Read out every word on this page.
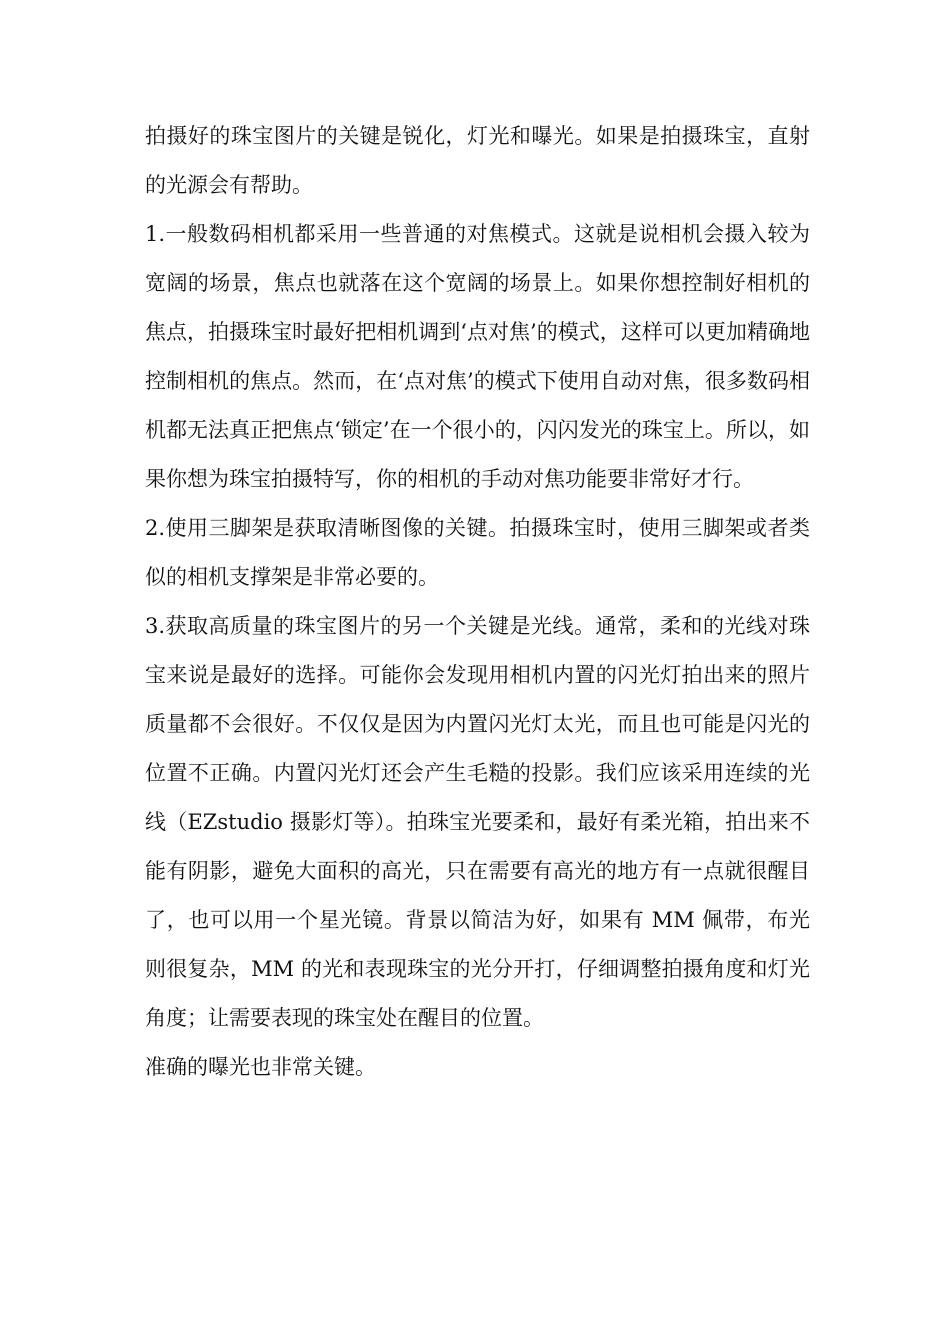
拍摄好的珠宝图片的关键是锐化，灯光和曝光。如果是拍摄珠宝，直射的光源会有帮助。

1.一般数码相机都采用一些普通的对焦模式。这就是说相机会摄入较为宽阔的场景，焦点也就落在这个宽阔的场景上。如果你想控制好相机的焦点，拍摄珠宝时最好把相机调到‘点对焦’的模式，这样可以更加精确地控制相机的焦点。然而，在‘点对焦’的模式下使用自动对焦，很多数码相机都无法真正把焦点‘锁定’在一个很小的，闪闪发光的珠宝上。所以，如果你想为珠宝拍摄特写，你的相机的手动对焦功能要非常好才行。

2.使用三脚架是获取清晰图像的关键。拍摄珠宝时，使用三脚架或者类似的相机支撑架是非常必要的。

3.获取高质量的珠宝图片的另一个关键是光线。通常，柔和的光线对珠宝来说是最好的选择。可能你会发现用相机内置的闪光灯拍出来的照片质量都不会很好。不仅仅是因为内置闪光灯太光，而且也可能是闪光的位置不正确。内置闪光灯还会产生毛糙的投影。我们应该采用连续的光线（EZstudio 摄影灯等）。拍珠宝光要柔和，最好有柔光箱，拍出来不能有阴影，避免大面积的高光，只在需要有高光的地方有一点就很醒目了，也可以用一个星光镜。背景以简洁为好，如果有 MM 佩带，布光则很复杂，MM 的光和表现珠宝的光分开打，仔细调整拍摄角度和灯光角度；让需要表现的珠宝处在醒目的位置。

准确的曝光也非常关键。
